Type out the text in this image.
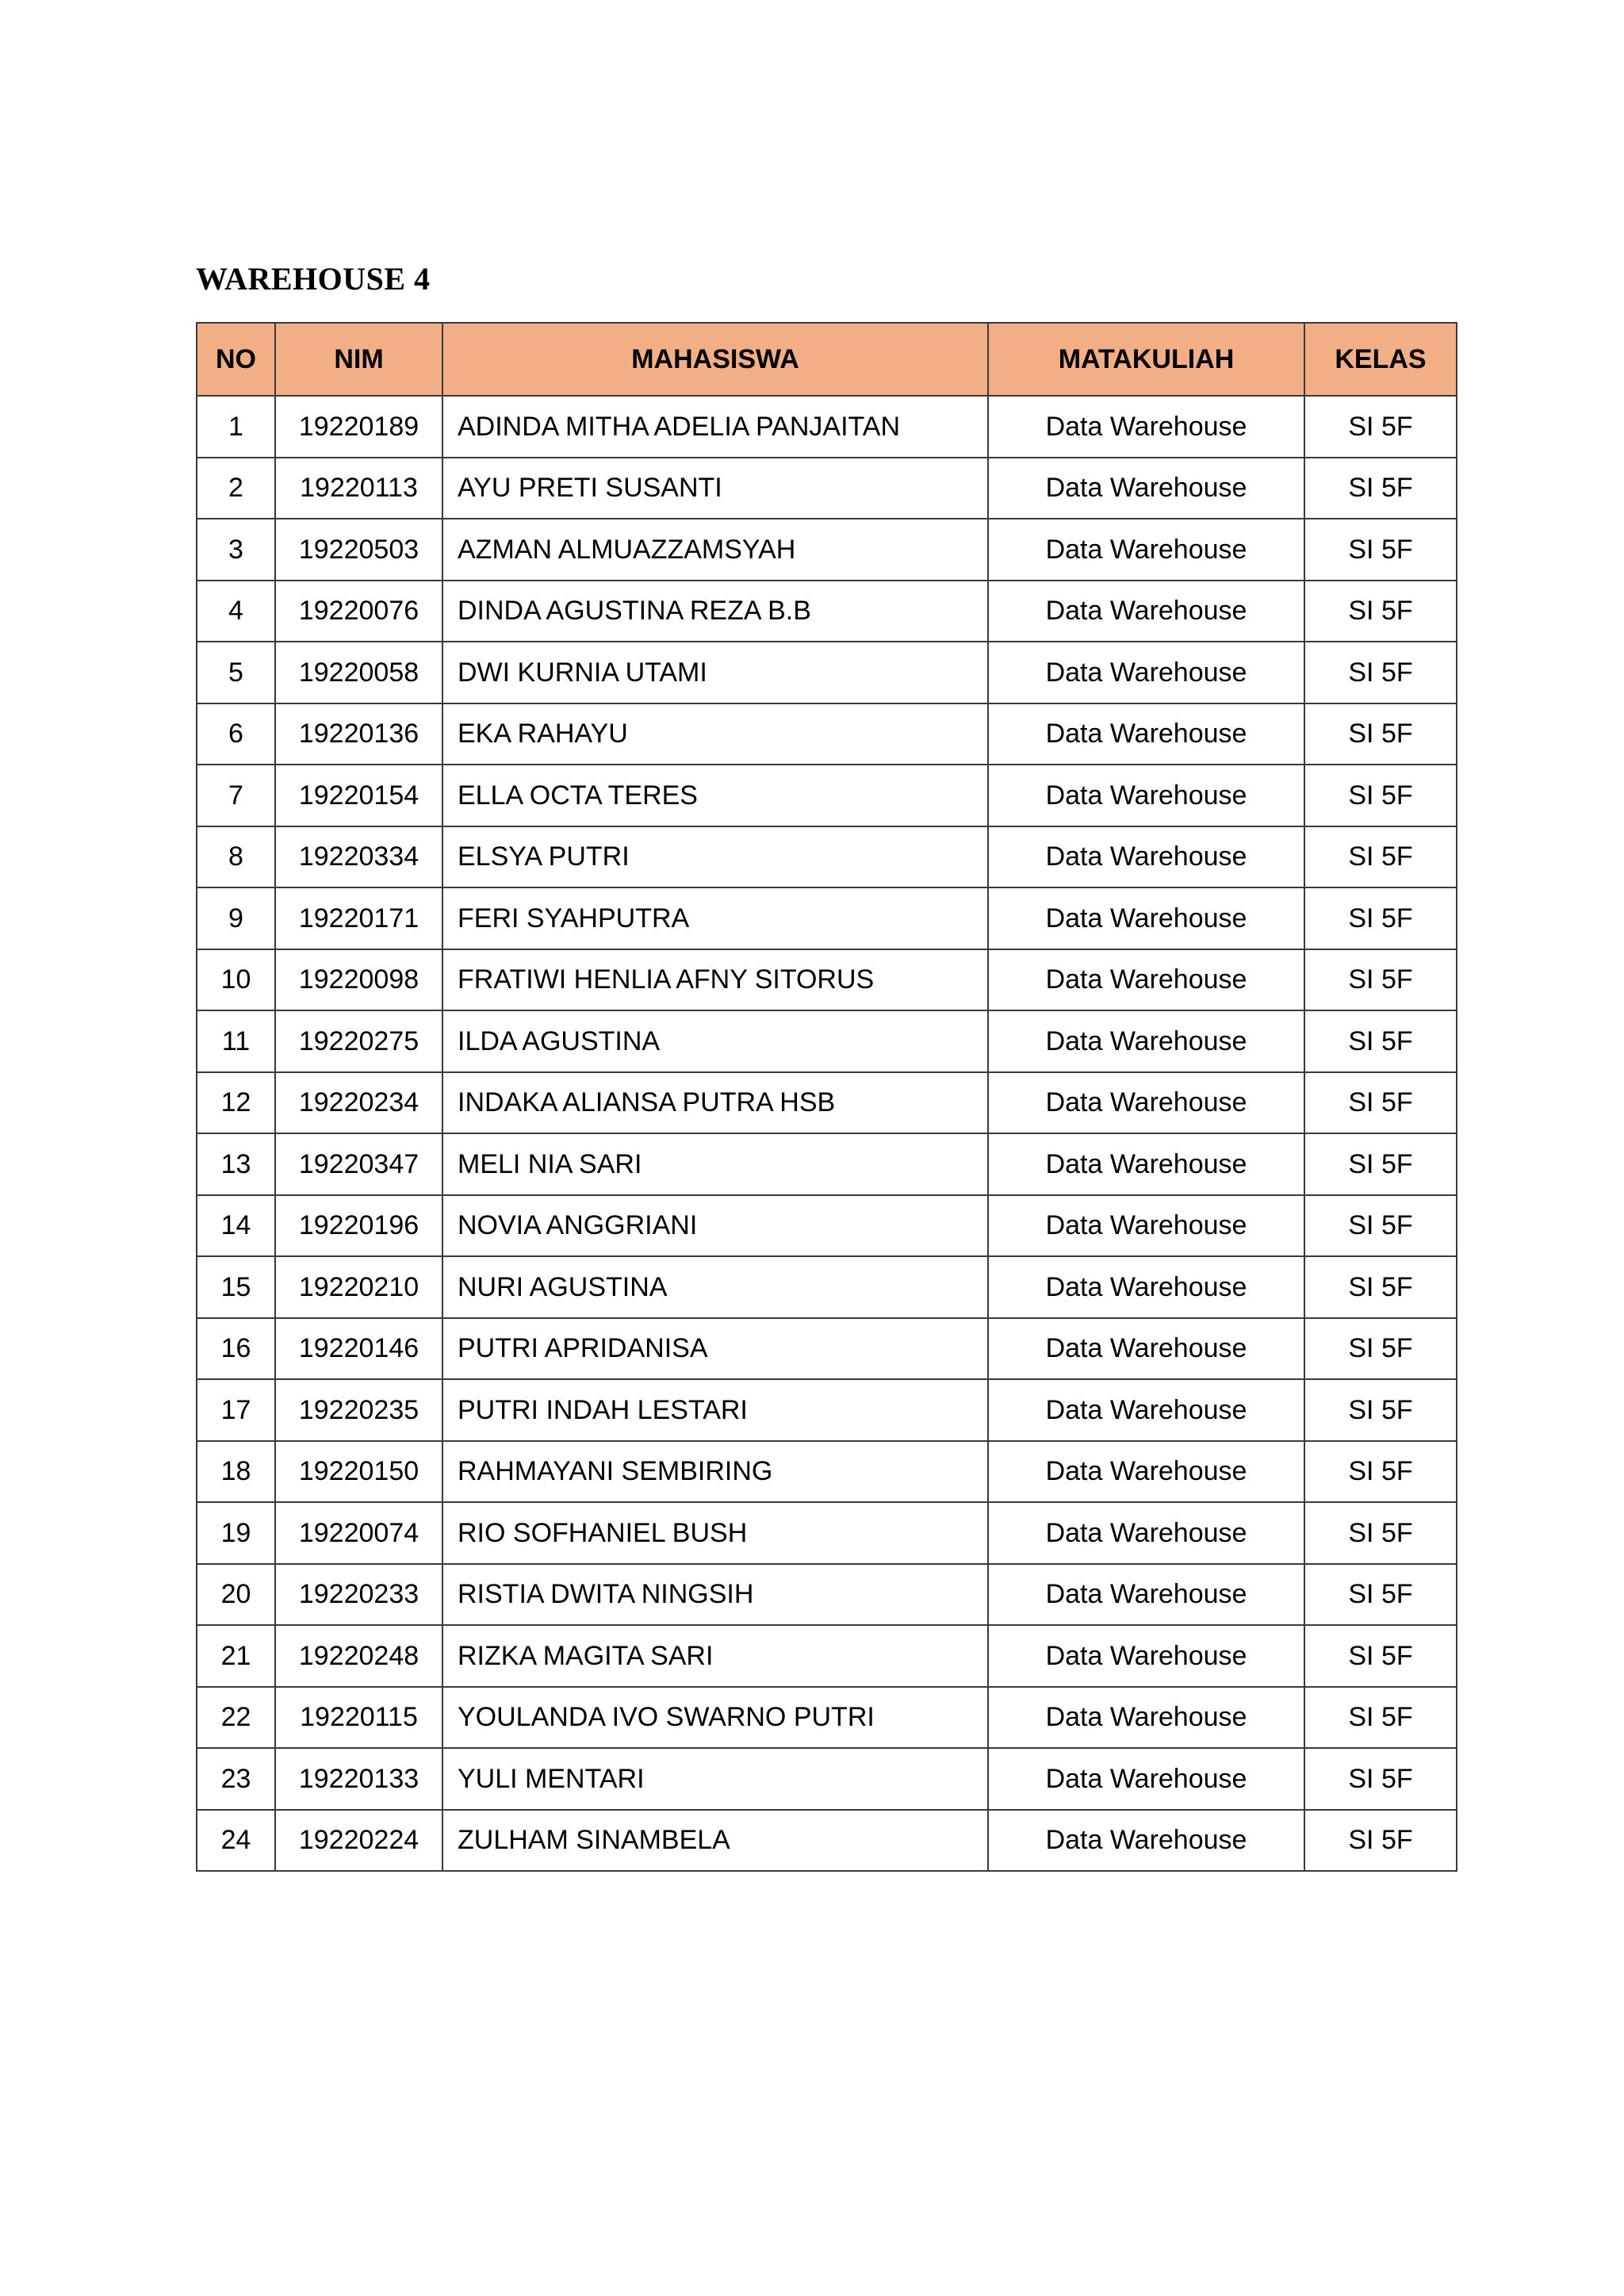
WAREHOUSE 4
NO	NIM	MAHASISWA	MATAKULIAH	KELAS
1	19220189	ADINDA MITHA ADELIA PANJAITAN	Data Warehouse	SI 5F
2	19220113	AYU PRETI SUSANTI	Data Warehouse	SI 5F
3	19220503	AZMAN ALMUAZZAMSYAH	Data Warehouse	SI 5F
4	19220076	DINDA AGUSTINA REZA B.B	Data Warehouse	SI 5F
5	19220058	DWI KURNIA UTAMI	Data Warehouse	SI 5F
6	19220136	EKA RAHAYU	Data Warehouse	SI 5F
7	19220154	ELLA OCTA TERES	Data Warehouse	SI 5F
8	19220334	ELSYA PUTRI	Data Warehouse	SI 5F
9	19220171	FERI SYAHPUTRA	Data Warehouse	SI 5F
10	19220098	FRATIWI HENLIA AFNY SITORUS	Data Warehouse	SI 5F
11	19220275	ILDA AGUSTINA	Data Warehouse	SI 5F
12	19220234	INDAKA ALIANSA PUTRA HSB	Data Warehouse	SI 5F
13	19220347	MELI NIA SARI	Data Warehouse	SI 5F
14	19220196	NOVIA ANGGRIANI	Data Warehouse	SI 5F
15	19220210	NURI AGUSTINA	Data Warehouse	SI 5F
16	19220146	PUTRI APRIDANISA	Data Warehouse	SI 5F
17	19220235	PUTRI INDAH LESTARI	Data Warehouse	SI 5F
18	19220150	RAHMAYANI SEMBIRING	Data Warehouse	SI 5F
19	19220074	RIO SOFHANIEL BUSH	Data Warehouse	SI 5F
20	19220233	RISTIA DWITA NINGSIH	Data Warehouse	SI 5F
21	19220248	RIZKA MAGITA SARI	Data Warehouse	SI 5F
22	19220115	YOULANDA IVO SWARNO PUTRI	Data Warehouse	SI 5F
23	19220133	YULI MENTARI	Data Warehouse	SI 5F
24	19220224	ZULHAM SINAMBELA	Data Warehouse	SI 5F
